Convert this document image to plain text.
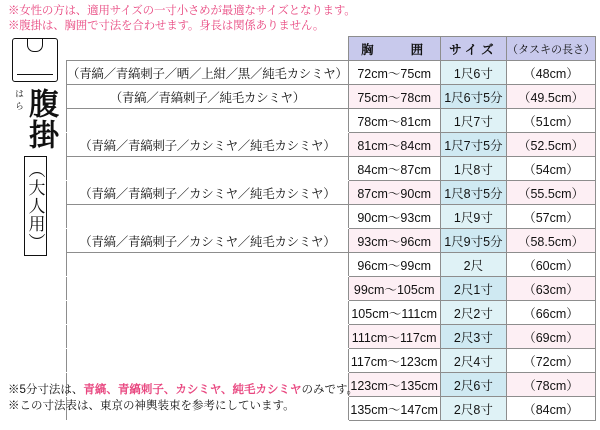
※女性の方は、適用サイズの一寸小さめが最適なサイズとなります。
※腹掛は、胸囲で寸法を合わせます。身長は関係ありません。
はら 腹掛
（大人用）
	胸　　囲	サイズ	（タスキの長さ）
（青縞／青縞刺子／晒／上紺／黒／純毛カシミヤ）	72cm〜75cm	1尺6寸	（48cm）
（青縞／青縞刺子／純毛カシミヤ）	75cm〜78cm	1尺6寸5分	（49.5cm）
	78cm〜81cm	1尺7寸	（51cm）
（青縞／青縞刺子／カシミヤ／純毛カシミヤ）	81cm〜84cm	1尺7寸5分	（52.5cm）
	84cm〜87cm	1尺8寸	（54cm）
（青縞／青縞刺子／カシミヤ／純毛カシミヤ）	87cm〜90cm	1尺8寸5分	（55.5cm）
	90cm〜93cm	1尺9寸	（57cm）
（青縞／青縞刺子／カシミヤ／純毛カシミヤ）	93cm〜96cm	1尺9寸5分	（58.5cm）
	96cm〜99cm	2尺	（60cm）
	99cm〜105cm	2尺1寸	（63cm）
	105cm〜111cm	2尺2寸	（66cm）
	111cm〜117cm	2尺3寸	（69cm）
	117cm〜123cm	2尺4寸	（72cm）
	123cm〜135cm	2尺6寸	（78cm）
	135cm〜147cm	2尺8寸	（84cm）
※5分寸法は、青縞、青縞刺子、カシミヤ、純毛カシミヤのみです。
※この寸法表は、東京の神輿装束を参考にしています。
